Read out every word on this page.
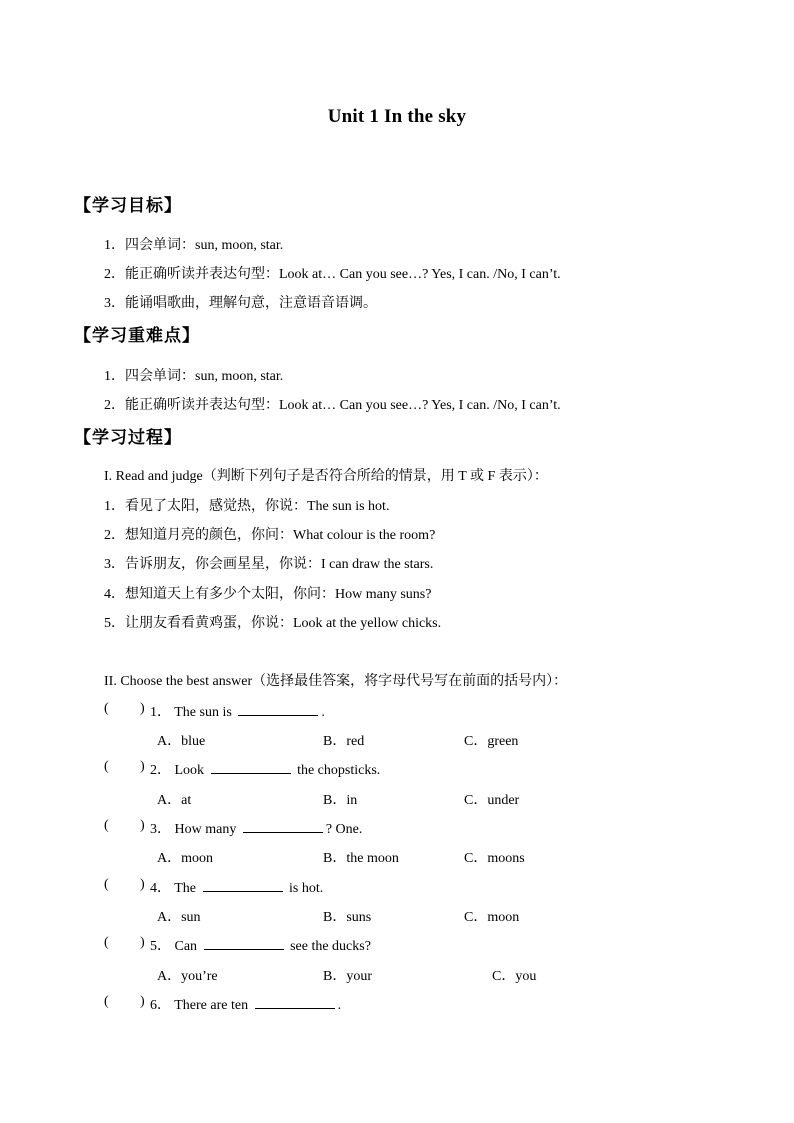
Unit 1 In the sky
【学习目标】
1．四会单词：sun, moon, star.
2．能正确听读并表达句型：Look at… Can you see…? Yes, I can. /No, I can’t.
3．能诵唱歌曲，理解句意，注意语音语调。
【学习重难点】
1．四会单词：sun, moon, star.
2．能正确听读并表达句型：Look at… Can you see…? Yes, I can. /No, I can’t.
【学习过程】
I. Read and judge（判断下列句子是否符合所给的情景，用 T 或 F 表示）：
1．看见了太阳，感觉热，你说：The sun is hot.
2．想知道月亮的颜色，你问：What colour is the room?
3．告诉朋友，你会画星星，你说：I can draw the stars.
4．想知道天上有多少个太阳，你问：How many suns?
5．让朋友看看黄鸡蛋，你说：Look at the yellow chicks.
II. Choose the best answer（选择最佳答案，将字母代号写在前面的括号内）：
( ) 1． The sun is	.
A．blue	B．red	C．green
( ) 2． Look	the chopsticks.
A．at	B．in	C．under
( ) 3． How many	? One.
A．moon	B．the moon	C．moons
( ) 4． The	is hot.
A．sun	B．suns	C．moon
( ) 5． Can	see the ducks?
A．you’re	B．your	C．you
( ) 6． There are ten	.
